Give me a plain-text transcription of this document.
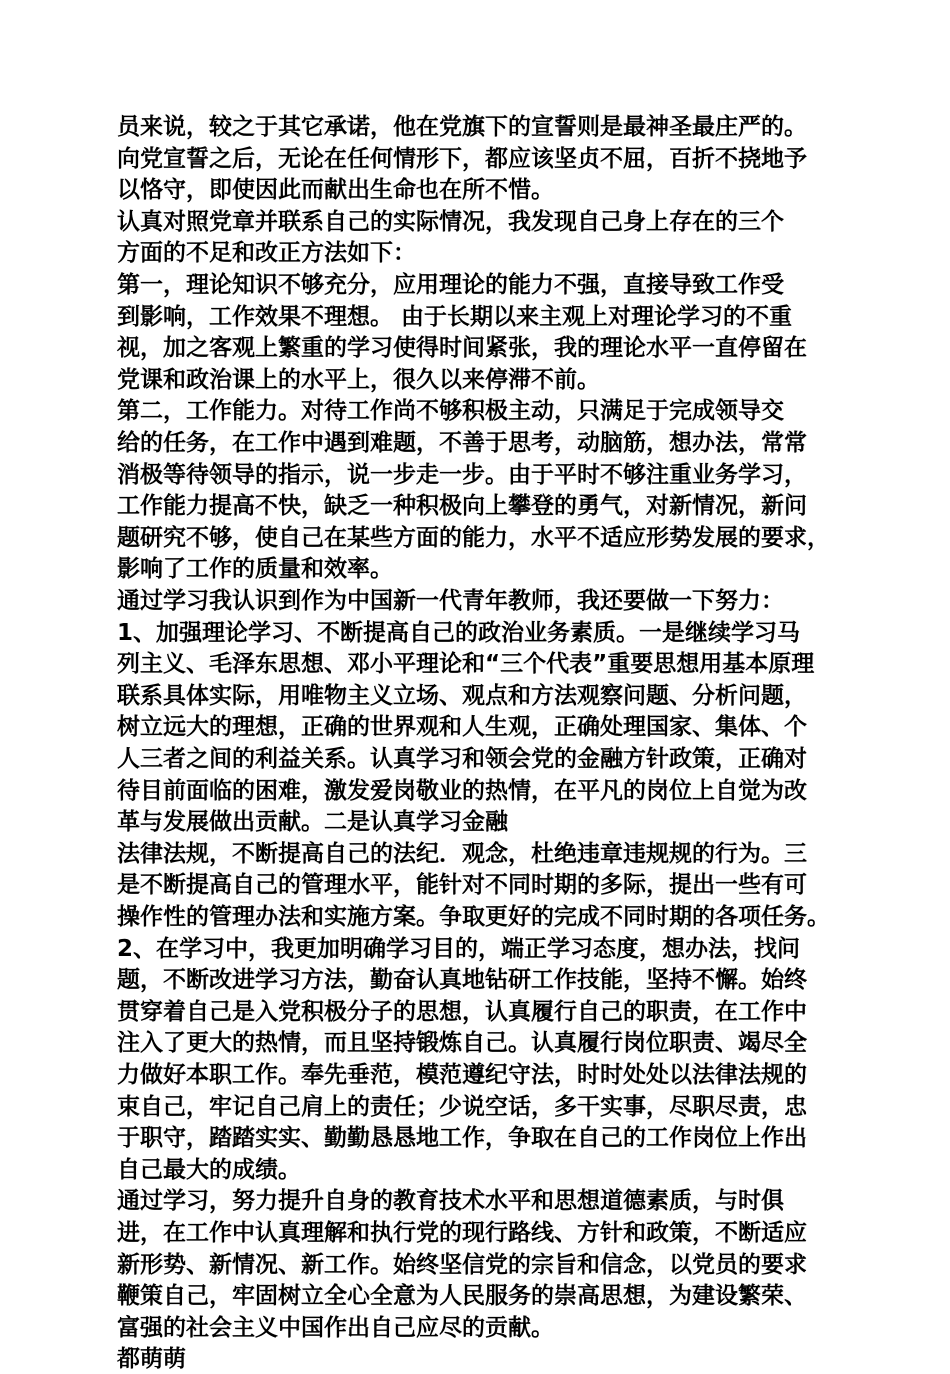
员来说，较之于其它承诺，他在党旗下的宣誓则是最神圣最庄严的。

向党宣誓之后，无论在任何情形下，都应该坚贞不屈，百折不挠地予

以恪守，即使因此而献出生命也在所不惜。

认真对照党章并联系自己的实际情况，我发现自己身上存在的三个

方面的不足和改正方法如下：

第一，理论知识不够充分，应用理论的能力不强，直接导致工作受

到影响，工作效果不理想。 由于长期以来主观上对理论学习的不重

视，加之客观上繁重的学习使得时间紧张，我的理论水平一直停留在

党课和政治课上的水平上，很久以来停滞不前。

第二，工作能力。对待工作尚不够积极主动，只满足于完成领导交

给的任务，在工作中遇到难题，不善于思考，动脑筋，想办法，常常

消极等待领导的指示，说一步走一步。由于平时不够注重业务学习，

工作能力提高不快，缺乏一种积极向上攀登的勇气，对新情况，新问

题研究不够，使自己在某些方面的能力，水平不适应形势发展的要求，

影响了工作的质量和效率。

通过学习我认识到作为中国新一代青年教师，我还要做一下努力：

1、加强理论学习、不断提高自己的政治业务素质。一是继续学习马

列主义、毛泽东思想、邓小平理论和“三个代表”重要思想用基本原理

联系具体实际，用唯物主义立场、观点和方法观察问题、分析问题，

树立远大的理想，正确的世界观和人生观，正确处理国家、集体、个

人三者之间的利益关系。认真学习和领会党的金融方针政策，正确对

待目前面临的困难，激发爱岗敬业的热情，在平凡的岗位上自觉为改

革与发展做出贡献。二是认真学习金融

法律法规，不断提高自己的法纪．观念，杜绝违章违规规的行为。三

是不断提高自己的管理水平，能针对不同时期的多际，提出一些有可

操作性的管理办法和实施方案。争取更好的完成不同时期的各项任务。

2、在学习中，我更加明确学习目的，端正学习态度，想办法，找问

题，不断改进学习方法，勤奋认真地钻研工作技能，坚持不懈。始终

贯穿着自己是入党积极分子的思想，认真履行自己的职责，在工作中

注入了更大的热情，而且坚持锻炼自己。认真履行岗位职责、竭尽全

力做好本职工作。奉先垂范，模范遵纪守法，时时处处以法律法规的

束自己，牢记自己肩上的责任；少说空话，多干实事，尽职尽责，忠

于职守，踏踏实实、勤勤恳恳地工作，争取在自己的工作岗位上作出

自己最大的成绩。

通过学习，努力提升自身的教育技术水平和思想道德素质，与时俱

进，在工作中认真理解和执行党的现行路线、方针和政策，不断适应

新形势、新情况、新工作。始终坚信党的宗旨和信念，以党员的要求

鞭策自己，牢固树立全心全意为人民服务的崇高思想，为建设繁荣、

富强的社会主义中国作出自己应尽的贡献。

都萌萌
